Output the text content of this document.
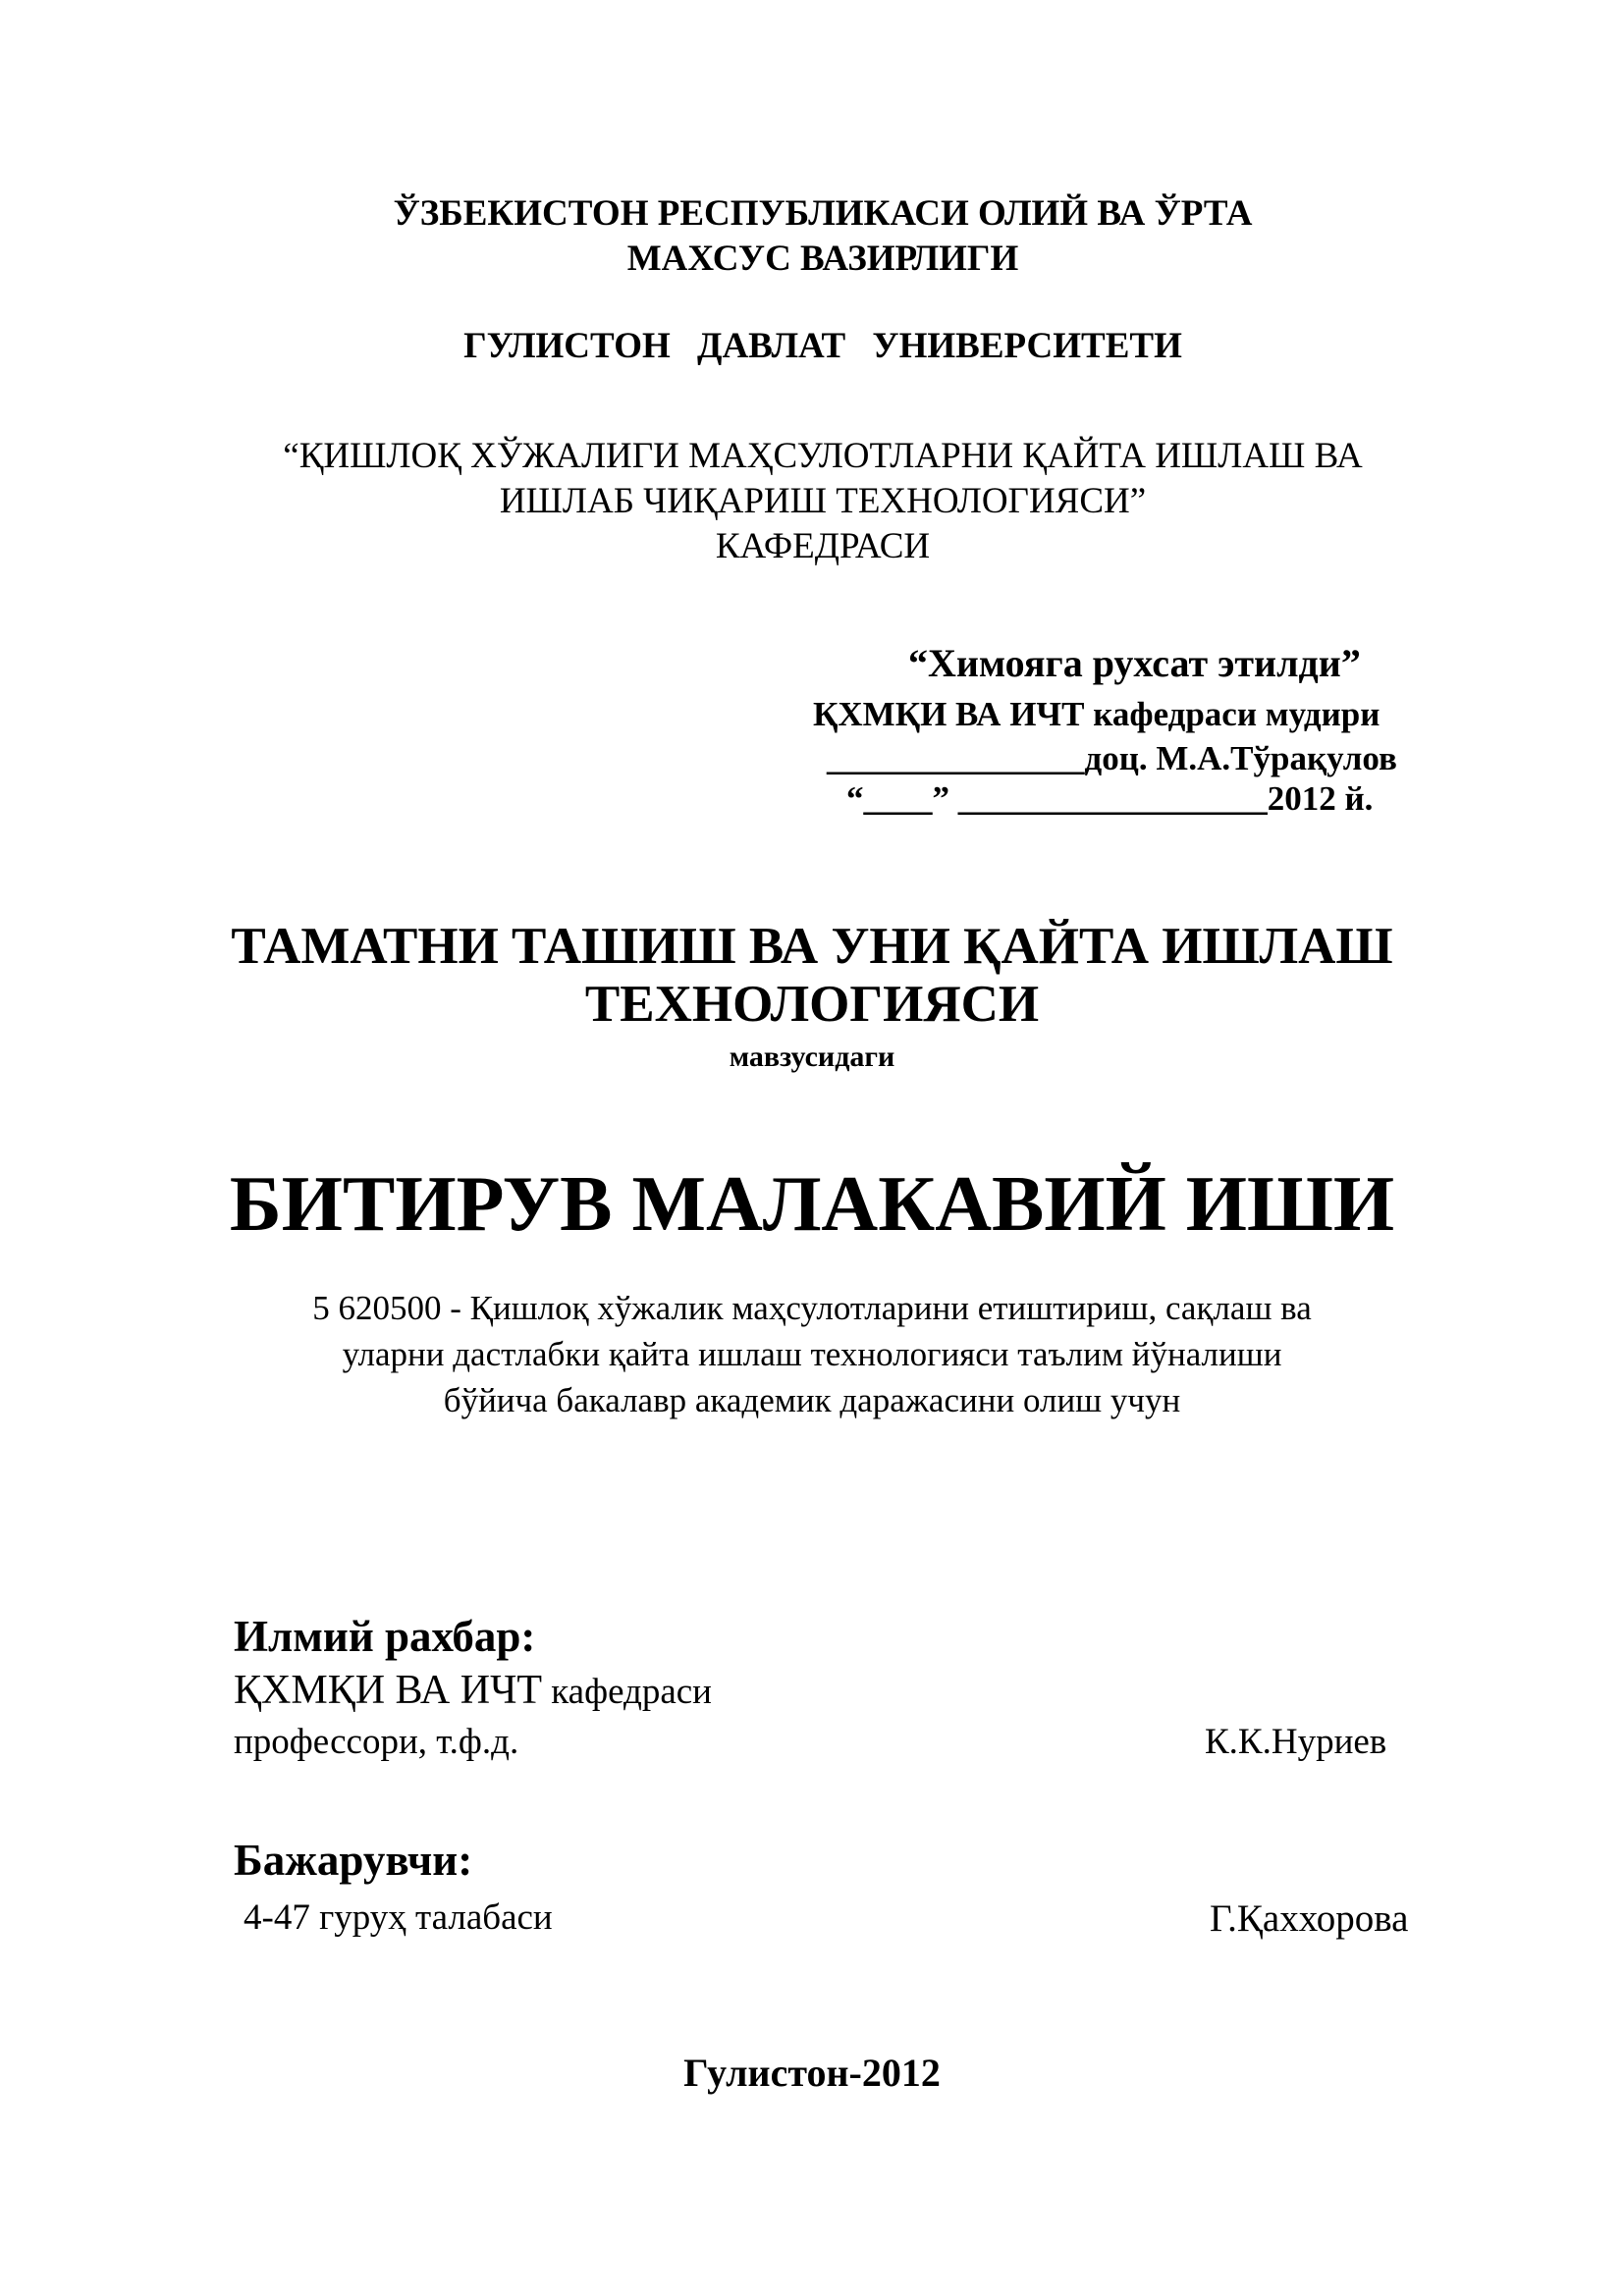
ЎЗБЕКИСТОН РЕСПУБЛИКАСИ ОЛИЙ ВА ЎРТА
МАХСУС ВАЗИРЛИГИ
ГУЛИСТОН ДАВЛАТ УНИВЕРСИТЕТИ
“ҚИШЛОҚ ХЎЖАЛИГИ МАҲСУЛОТЛАРНИ ҚАЙТА ИШЛАШ ВА
ИШЛАБ ЧИҚАРИШ ТЕХНОЛОГИЯСИ”
КАФЕДРАСИ
“Химояга рухсат этилди”
ҚХМҚИ ВА ИЧТ кафедраси мудири
_______________доц. М.А.Тўрақулов
“____” __________________2012 й.
ТАМАТНИ ТАШИШ ВА УНИ ҚАЙТА ИШЛАШ
ТЕХНОЛОГИЯСИ
мавзусидаги
БИТИРУВ МАЛАКАВИЙ ИШИ
5 620500 - Қишлоқ хўжалик маҳсулотларини етиштириш, сақлаш ва
уларни дастлабки қайта ишлаш технологияси таълим йўналиши
бўйича бакалавр академик даражасини олиш учун
Илмий рахбар:
ҚХМҚИ ВА ИЧТ кафедраси
профессори, т.ф.д.	К.К.Нуриев
Бажарувчи:
4-47 гуруҳ талабаси	Г.Қаххорова
Гулистон-2012
